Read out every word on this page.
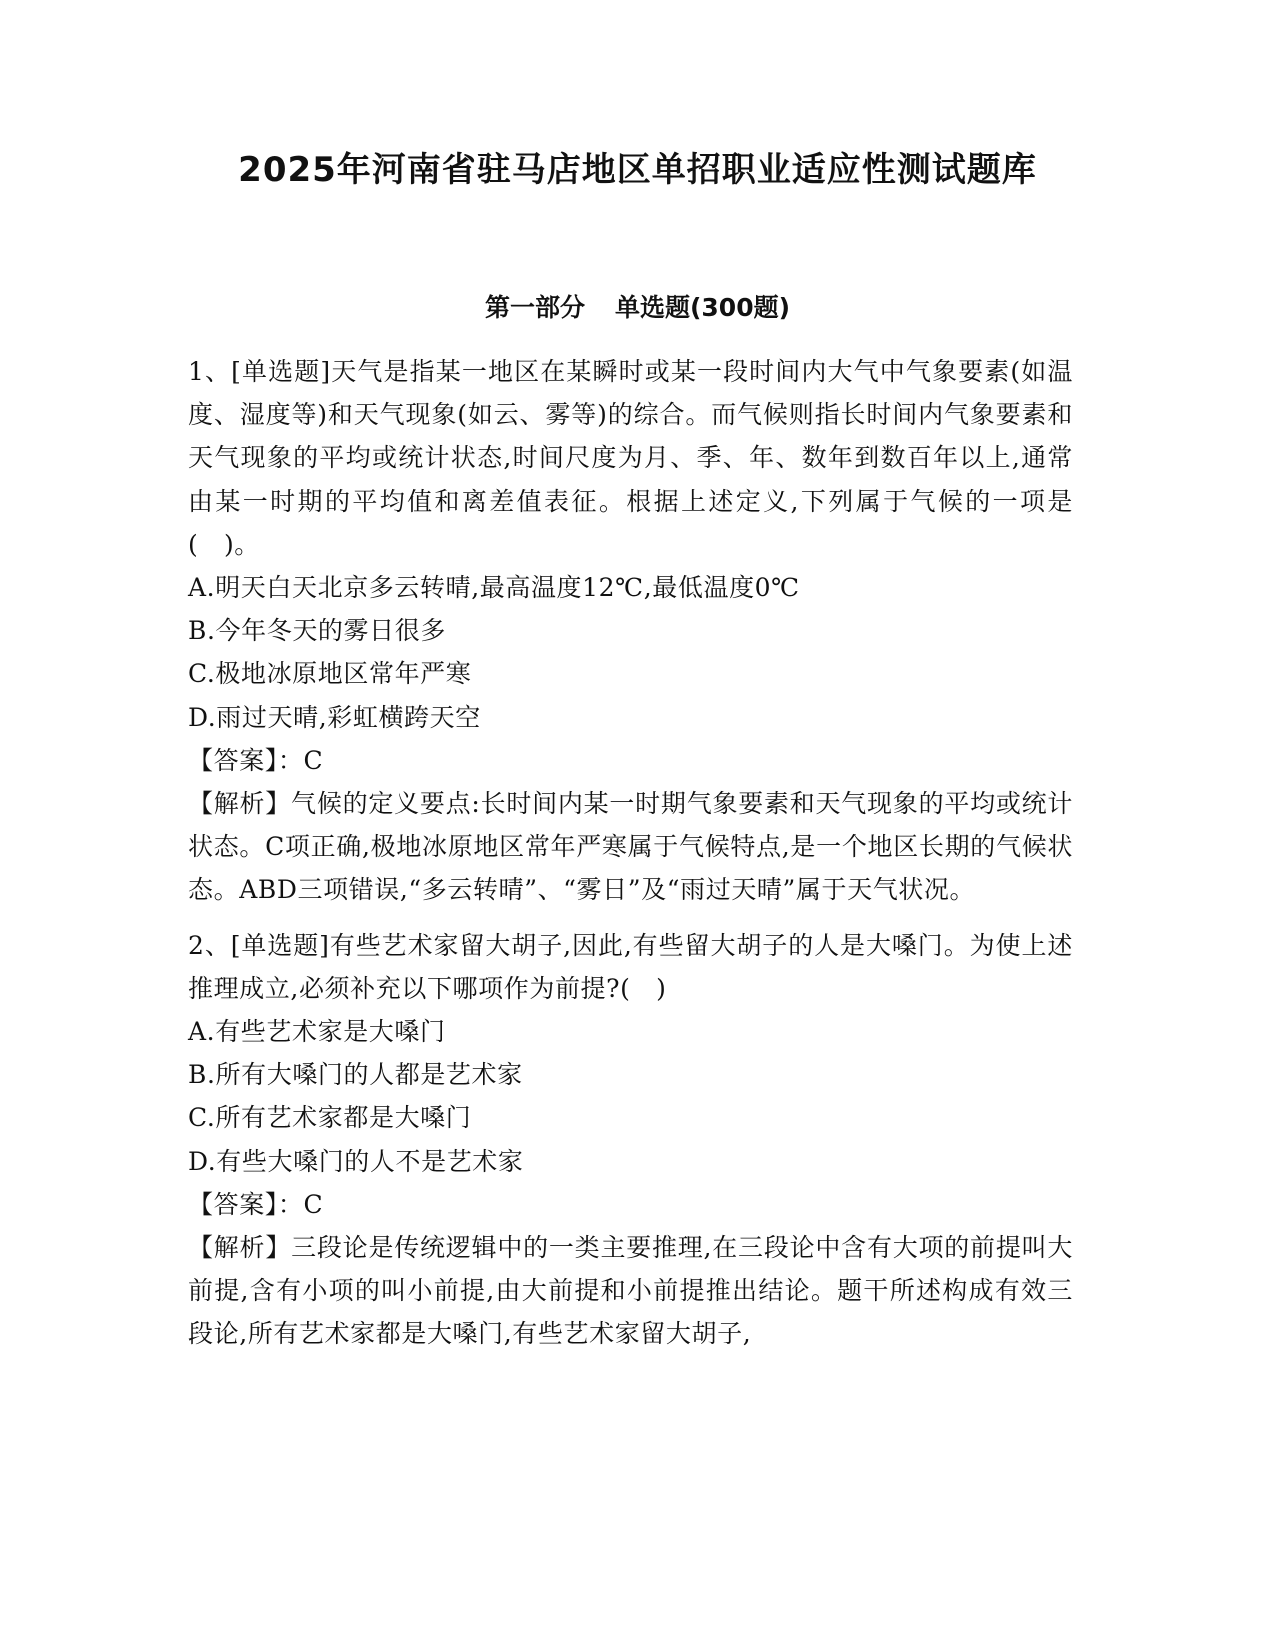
2025年河南省驻马店地区单招职业适应性测试题库
第一部分 单选题(300题)

1、[单选题]天气是指某一地区在某瞬时或某一段时间内大气中气象要素(如温度、湿度等)和天气现象(如云、雾等)的综合。而气候则指长时间内气象要素和天气现象的平均或统计状态,时间尺度为月、季、年、数年到数百年以上,通常由某一时期的平均值和离差值表征。根据上述定义,下列属于气候的一项是(　)。

A.明天白天北京多云转晴,最高温度12℃,最低温度0℃

B.今年冬天的雾日很多

C.极地冰原地区常年严寒

D.雨过天晴,彩虹横跨天空

【答案】：C

【解析】气候的定义要点:长时间内某一时期气象要素和天气现象的平均或统计状态。C项正确,极地冰原地区常年严寒属于气候特点,是一个地区长期的气候状态。ABD三项错误,“多云转晴”、“雾日”及“雨过天晴”属于天气状况。

2、[单选题]有些艺术家留大胡子,因此,有些留大胡子的人是大嗓门。为使上述推理成立,必须补充以下哪项作为前提?(　)

A.有些艺术家是大嗓门

B.所有大嗓门的人都是艺术家

C.所有艺术家都是大嗓门

D.有些大嗓门的人不是艺术家

【答案】：C

【解析】三段论是传统逻辑中的一类主要推理,在三段论中含有大项的前提叫大前提,含有小项的叫小前提,由大前提和小前提推出结论。题干所述构成有效三段论,所有艺术家都是大嗓门,有些艺术家留大胡子,
